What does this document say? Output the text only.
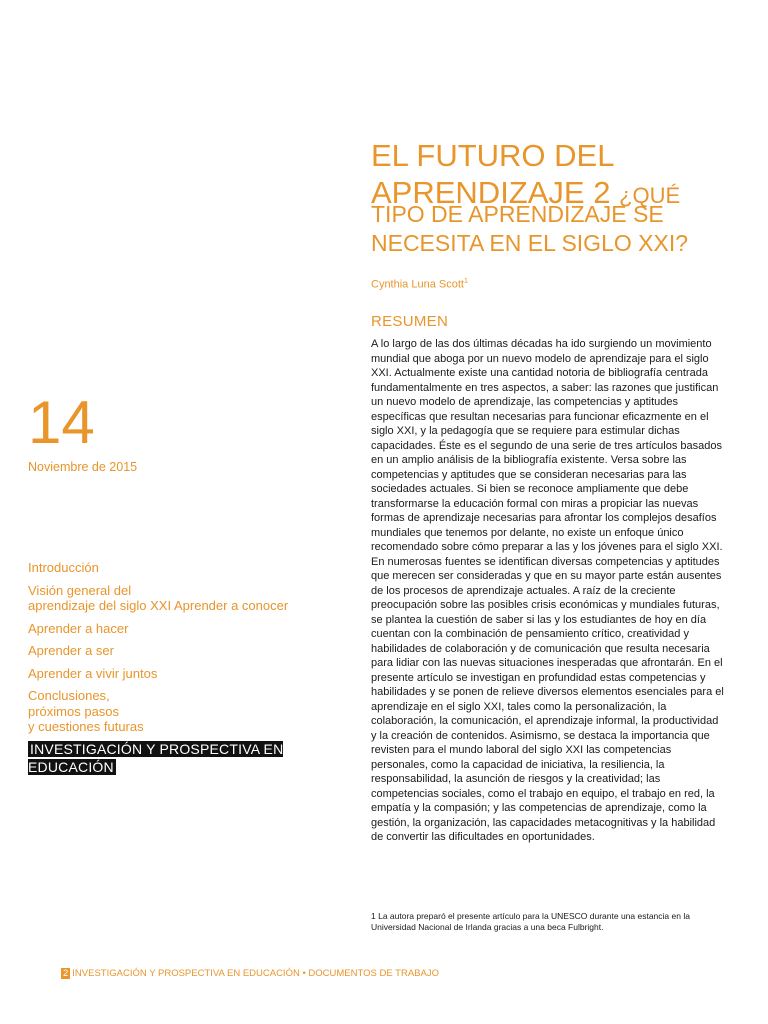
EL FUTURO DEL APRENDIZAJE 2 ¿QUÉ
TIPO DE APRENDIZAJE SE NECESITA EN EL SIGLO XXI?
Cynthia Luna Scott$^1$
RESUMEN

A lo largo de las dos últimas décadas ha ido surgiendo un movimiento mundial que aboga por un nuevo modelo de aprendizaje para el siglo XXI. Actualmente existe una cantidad notoria de bibliografía centrada fundamentalmente en tres aspectos, a saber: las razones que justifican un nuevo modelo de aprendizaje, las competencias y aptitudes específicas que resultan necesarias para funcionar eficazmente en el siglo XXI, y la pedagogía que se requiere para estimular dichas capacidades. Éste es el segundo de una serie de tres artículos basados en un amplio análisis de la bibliografía existente. Versa sobre las competencias y aptitudes que se consideran necesarias para las sociedades actuales. Si bien se reconoce ampliamente que debe transformarse la educación formal con miras a propiciar las nuevas formas de aprendizaje necesarias para afrontar los complejos desafíos mundiales que tenemos por delante, no existe un enfoque único recomendado sobre cómo preparar a las y los jóvenes para el siglo XXI. En numerosas fuentes se identifican diversas competencias y aptitudes que merecen ser consideradas y que en su mayor parte están ausentes de los procesos de aprendizaje actuales. A raíz de la creciente preocupación sobre las posibles crisis económicas y mundiales futuras, se plantea la cuestión de saber si las y los estudiantes de hoy en día cuentan con la combinación de pensamiento crítico, creatividad y habilidades de colaboración y de comunicación que resulta necesaria para lidiar con las nuevas situaciones inesperadas que afrontarán. En el presente artículo se investigan en profundidad estas competencias y habilidades y se ponen de relieve diversos elementos esenciales para el aprendizaje en el siglo XXI, tales como la personalización, la colaboración, la comunicación, el aprendizaje informal, la productividad y la creación de contenidos. Asimismo, se destaca la importancia que revisten para el mundo laboral del siglo XXI las competencias personales, como la capacidad de iniciativa, la resiliencia, la responsabilidad, la asunción de riesgos y la creatividad; las competencias sociales, como el trabajo en equipo, el trabajo en red, la empatía y la compasión; y las competencias de aprendizaje, como la gestión, la organización, las capacidades metacognitivas y la habilidad de convertir las dificultades en oportunidades.

1 La autora preparó el presente artículo para la UNESCO durante una estancia en la Universidad Nacional de Irlanda gracias a una beca Fulbright.

14
Noviembre de 2015
Introducción
Visión general del
aprendizaje del siglo XXI Aprender a conocer
Aprender a hacer
Aprender a ser
Aprender a vivir juntos
Conclusiones,
próximos pasos
y cuestiones futuras
INVESTIGACIÓN Y PROSPECTIVA EN EDUCACIÓN
2 INVESTIGACIÓN Y PROSPECTIVA EN EDUCACIÓN • DOCUMENTOS DE TRABAJO
